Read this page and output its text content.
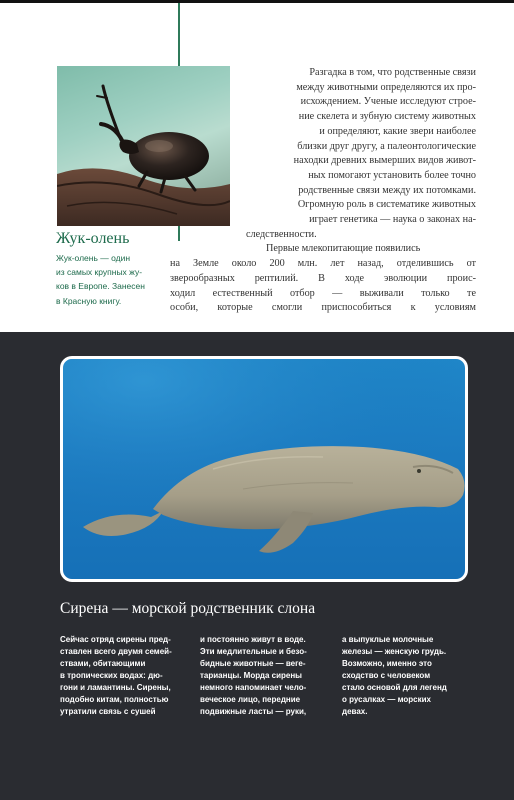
Жук-олень
Жук-олень — один
из самых крупных жу-
ков в Европе. Занесен
в Красную книгу.
Разгадка в том, что родственные связи
между животными определяются их про-
исхождением. Ученые исследуют строе-
ние скелета и зубную систему животных
и определяют, какие звери наиболее
близки друг другу, а палеонтологические
находки древних вымерших видов живот-
ных помогают установить более точно
родственные связи между их потомками.
Огромную роль в систематике животных
играет генетика — наука о законах на-
следственности.
Первые млекопитающие появились
на Земле около 200 млн. лет назад, отделившись от
зверообразных рептилий. В ходе эволюции проис-
ходил естественный отбор — выживали только те
особи, которые смогли приспособиться к условиям
Сирена — морской родственник слона
Сейчас отряд сирены пред-
ставлен всего двумя семей-
ствами, обитающими
в тропических водах: дю-
гони и ламантины. Сирены,
подобно китам, полностью
утратили связь с сушей
и постоянно живут в воде.
Эти медлительные и безо-
бидные животные — веге-
тарианцы. Морда сирены
немного напоминает чело-
веческое лицо, передние
подвижные ласты — руки,
а выпуклые молочные
железы — женскую грудь.
Возможно, именно это
сходство с человеком
стало основой для легенд
о русалках — морских
девах.
